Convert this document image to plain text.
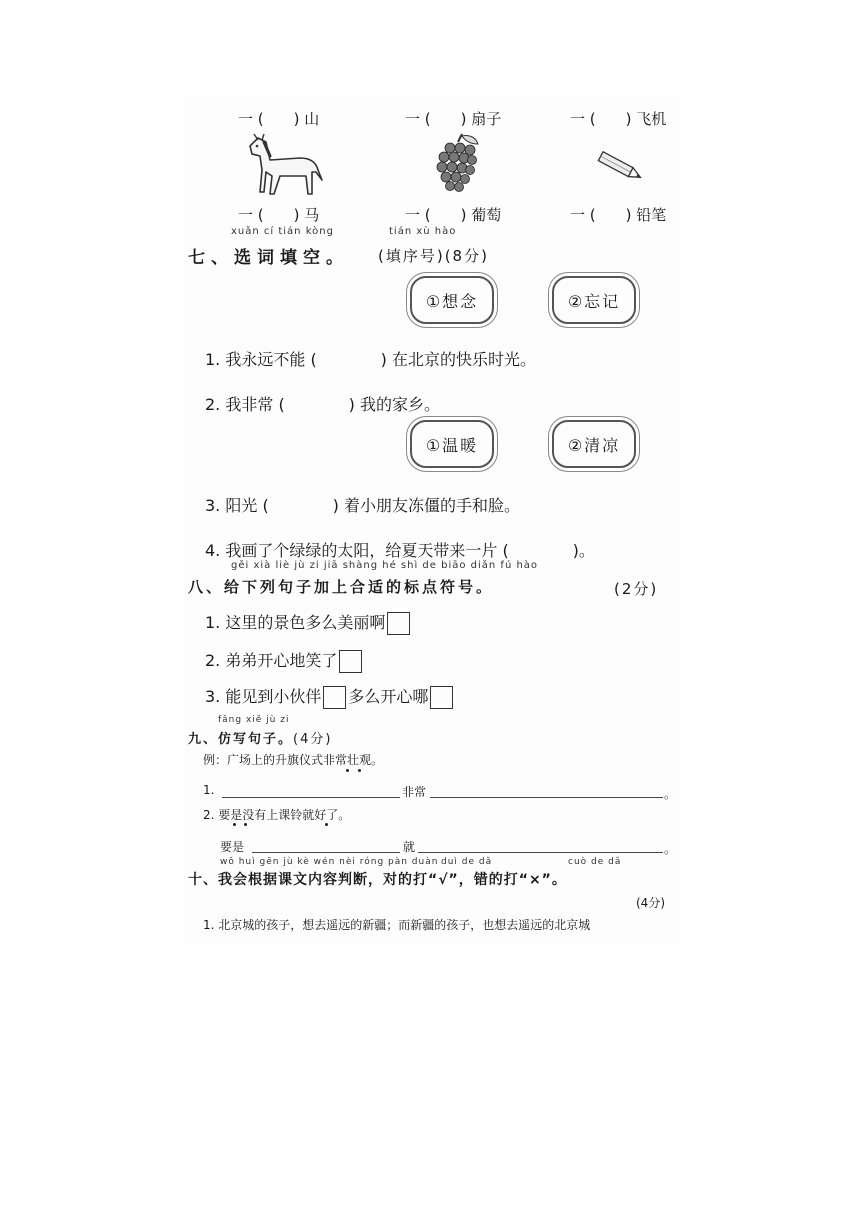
一 (　　) 山	一 (　　) 扇子	一 (　　) 飞机
一 (　　) 马	一 (　　) 葡萄	一 (　　) 铅笔
xuǎn cí tián kòng	tián xù hào
七、选词填空。 (填序号)(8分)
①想念	②忘记
1. 我永远不能 (　　　　) 在北京的快乐时光。
2. 我非常 (　　　　) 我的家乡。
①温暖	②清凉
3. 阳光 (　　　　) 着小朋友冻僵的手和脸。
4. 我画了个绿绿的太阳，给夏天带来一片 (　　　　)。
gěi xià liè jù zi jiā shàng hé shì de biāo diǎn fú hào
八、给下列句子加上合适的标点符号。	(2分)
1. 这里的景色多么美丽啊
2. 弟弟开心地笑了
3. 能见到小伙伴 多么开心哪
fǎng xiě jù zi
九、仿写句子。(4分)
例：广场上的升旗仪式非常壮观。
1.	非常	。
2. 要是没有上课铃就好了。
要是	就	。
wǒ huì gēn jù kè wén nèi róng pàn duàn duì de dǎ	cuò de dǎ
十、我会根据课文内容判断，对的打“√”，错的打“×”。
(4分)
1. 北京城的孩子，想去遥远的新疆；而新疆的孩子，也想去遥远的北京城
